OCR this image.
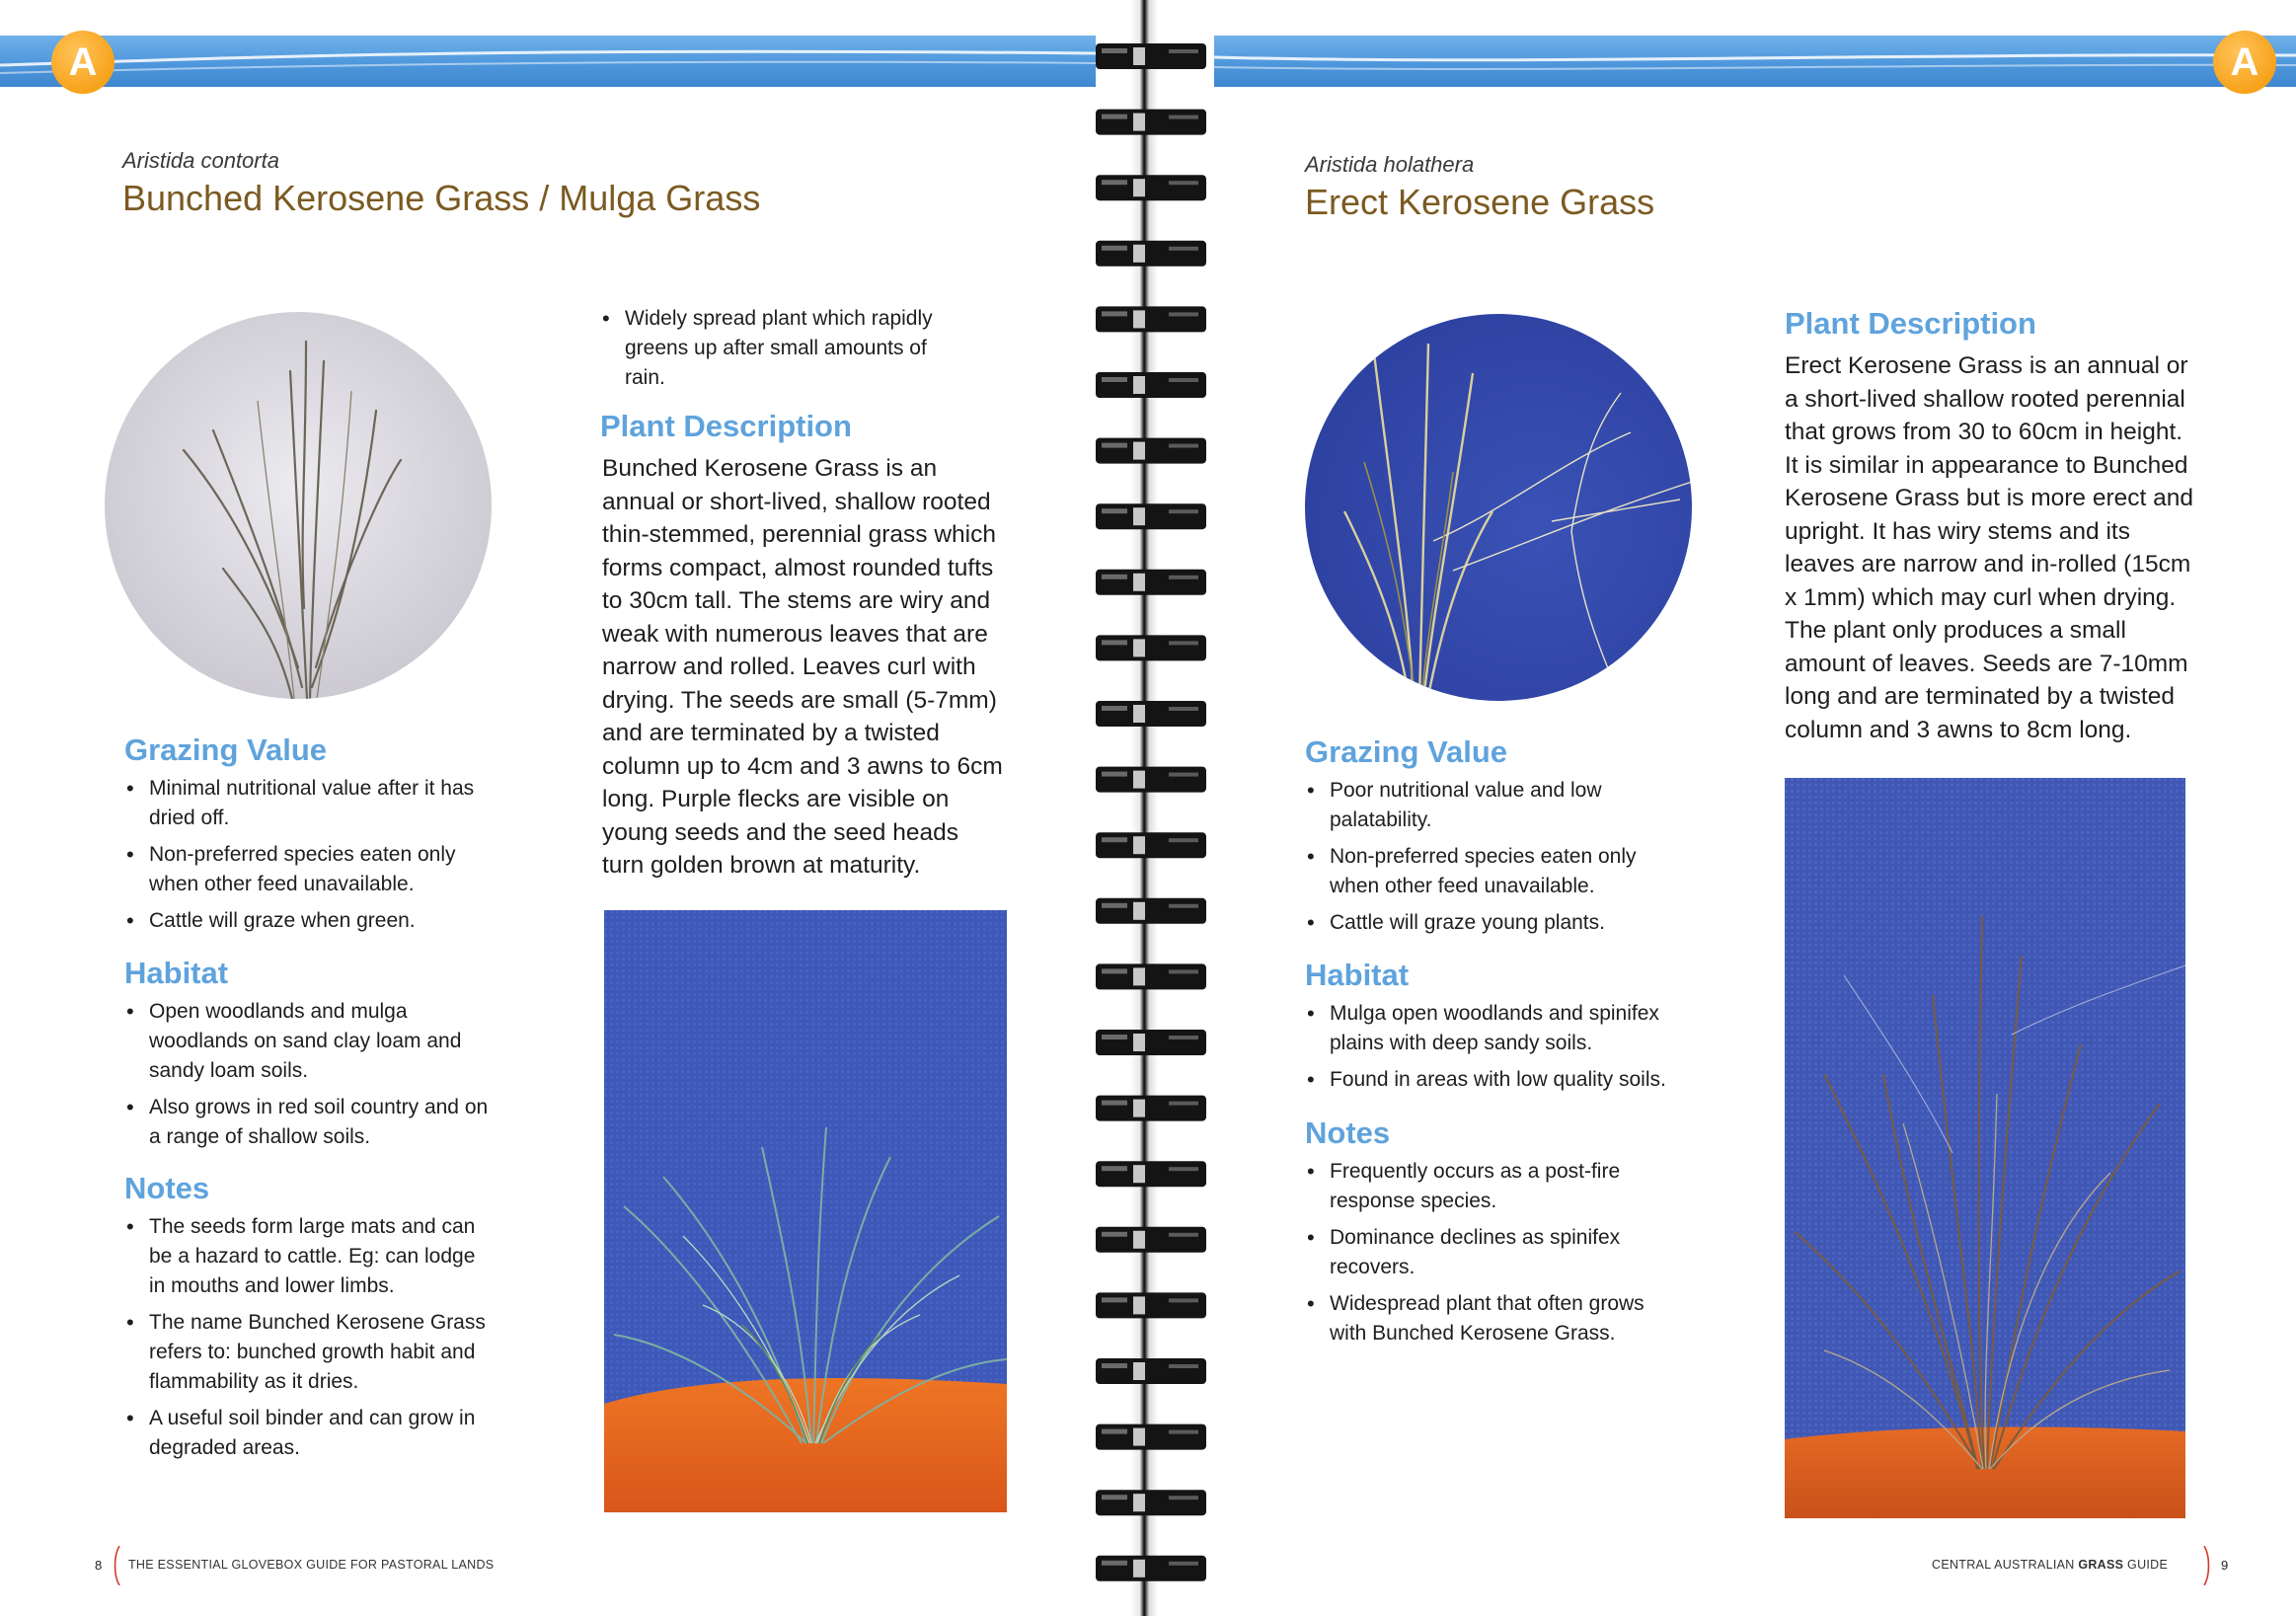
A
Aristida contorta
Bunched Kerosene Grass / Mulga Grass
Grazing Value
• Minimal nutritional value after it has dried off.
• Non-preferred species eaten only when other feed unavailable.
• Cattle will graze when green.
Habitat
• Open woodlands and mulga woodlands on sand clay loam and sandy loam soils.
• Also grows in red soil country and on a range of shallow soils.
Notes
• The seeds form large mats and can be a hazard to cattle. Eg: can lodge in mouths and lower limbs.
• The name Bunched Kerosene Grass refers to: bunched growth habit and flammability as it dries.
• A useful soil binder and can grow in degraded areas.
• Widely spread plant which rapidly greens up after small amounts of rain.
Plant Description

Bunched Kerosene Grass is an annual or short-lived, shallow rooted thin-stemmed, perennial grass which forms compact, almost rounded tufts to 30cm tall. The stems are wiry and weak with numerous leaves that are narrow and rolled. Leaves curl with drying. The seeds are small (5-7mm) and are terminated by a twisted column up to 4cm and 3 awns to 6cm long. Purple flecks are visible on young seeds and the seed heads turn golden brown at maturity.

8 THE ESSENTIAL GLOVEBOX GUIDE FOR PASTORAL LANDS
A
Aristida holathera
Erect Kerosene Grass
Grazing Value
• Poor nutritional value and low palatability.
• Non-preferred species eaten only when other feed unavailable.
• Cattle will graze young plants.
Habitat
• Mulga open woodlands and spinifex plains with deep sandy soils.
• Found in areas with low quality soils.
Notes
• Frequently occurs as a post-fire response species.
• Dominance declines as spinifex recovers.
• Widespread plant that often grows with Bunched Kerosene Grass.
Plant Description

Erect Kerosene Grass is an annual or a short-lived shallow rooted perennial that grows from 30 to 60cm in height. It is similar in appearance to Bunched Kerosene Grass but is more erect and upright. It has wiry stems and its leaves are narrow and in-rolled (15cm x 1mm) which may curl when drying. The plant only produces a small amount of leaves. Seeds are 7-10mm long and are terminated by a twisted column and 3 awns to 8cm long.

CENTRAL AUSTRALIAN GRASS GUIDE	9
